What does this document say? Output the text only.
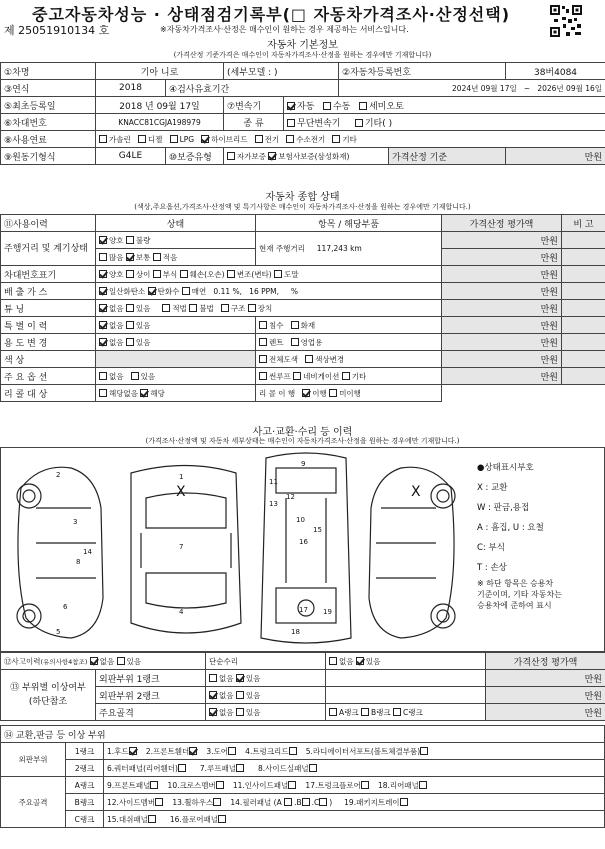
중고자동차성능 · 상태점검기록부(□ 자동차가격조사·산정선택)
제 25051910134 호	※자동차가격조사·산정은 매수인이 원하는 경우 제공하는 서비스입니다.
자동차 기본정보
(가격산정 기준가격은 매수인이 자동차가격조사·산정을 원하는 경우에만 기재합니다)
①차명	기아 니로		(세부모델 : )		②자동차등록번호		38버4084
③연식	2018	④검사유효기간			2024년 09월 17일 ~ 2026년 09월 16일		
⑤최초등록일	2018 년 09월 17일		⑦변속기	자동 수동 세미오토			
⑥차대번호	KNACC81CGJA198979		종 류	무단변속기 기타( )			
⑧사용연료	가솔린 디젤 LPG 하이브리드 전기 수소전기 기타						
⑨원동기형식	G4LE	⑩보증유형	자가보증 보험사보증(삼성화재)			가격산정 기준	만원
자동차 종합 상태
(색상,주요옵션,가격조사·산정액 및 특기사항은 매수인이 자동차가격조사·산정을 원하는 경우에만 기재합니다.)
⑪사용이력	상태	항목 / 해당부품	가격산정 평가액	비 고
주행거리 및 계기상태	양호 불량	현재 주행거리 117,243 km	만원	
	많음 보통 적음		만원	
차대번호표기	양호 상이 부식 훼손(오손) 변조(변타) 도말		만원	
배 출 가 스	일산화탄소 탄화수 매연 0.11 %, 16 PPM, %		만원	
튜 닝	없음 있음 적법 불법 구조 장치		만원	
특 별 이 력	없음 있음	침수 화재	만원	
용 도 변 경	없음 있음	렌트 영업용	만원	
색 상		전체도색 색상변경	만원	
주 요 옵 션	없음 있음	썬루프 네비게이션 기타	만원	
리 콜 대 상	해당없음 해당	리 콜 이 행 이행 미이행		
사고·교환·수리 등 이력
(가격조사·산정액 및 자동차 세부상태는 매수인이 자동차가격조사·산정을 원하는 경우에만 기재합니다.)
X	X
1
2
3
4
5
6
7
8
9
10
11
12
13
14
15
16
17
18
19
●상태표시부호
X : 교환
W : 판금,용접
A : 흠집, U : 요철
C: 부식
T : 손상
※ 하단 항목은 승용차
기준이며, 기타 자동차는
승용차에 준하여 표시
⑫사고이력(유의사항4참조) 없음 있음		단순수리	없음 있음	가격산정 평가액
⑬ 부위별 이상여부 (하단참조	외판부위 1랭크	없음 있음		만원
	외판부위 2랭크	없음 있음		만원
	주요골격	없음 있음	A랭크 B랭크 C랭크	만원
⑭ 교환,판금 등 이상 부위		
외판부위	1랭크	1.후드 2.프론트휀더 3.도어 4.트렁크리드 5.라디에이터서포트(볼트체결부품)
	2랭크	6.쿼터패널(리어휀더) 7.루프패널 8.사이드실패널
주요골격	A랭크	9.프론트패널 10.크로스멤버 11.인사이드패널 17.트렁크플로어 18.리어패널
	B랭크	12.사이드멤버 13.휠하우스 14.필러패널 (A .B .C ) 19.패키지트레이
	C랭크	15.대쉬패널 16.플로어패널
